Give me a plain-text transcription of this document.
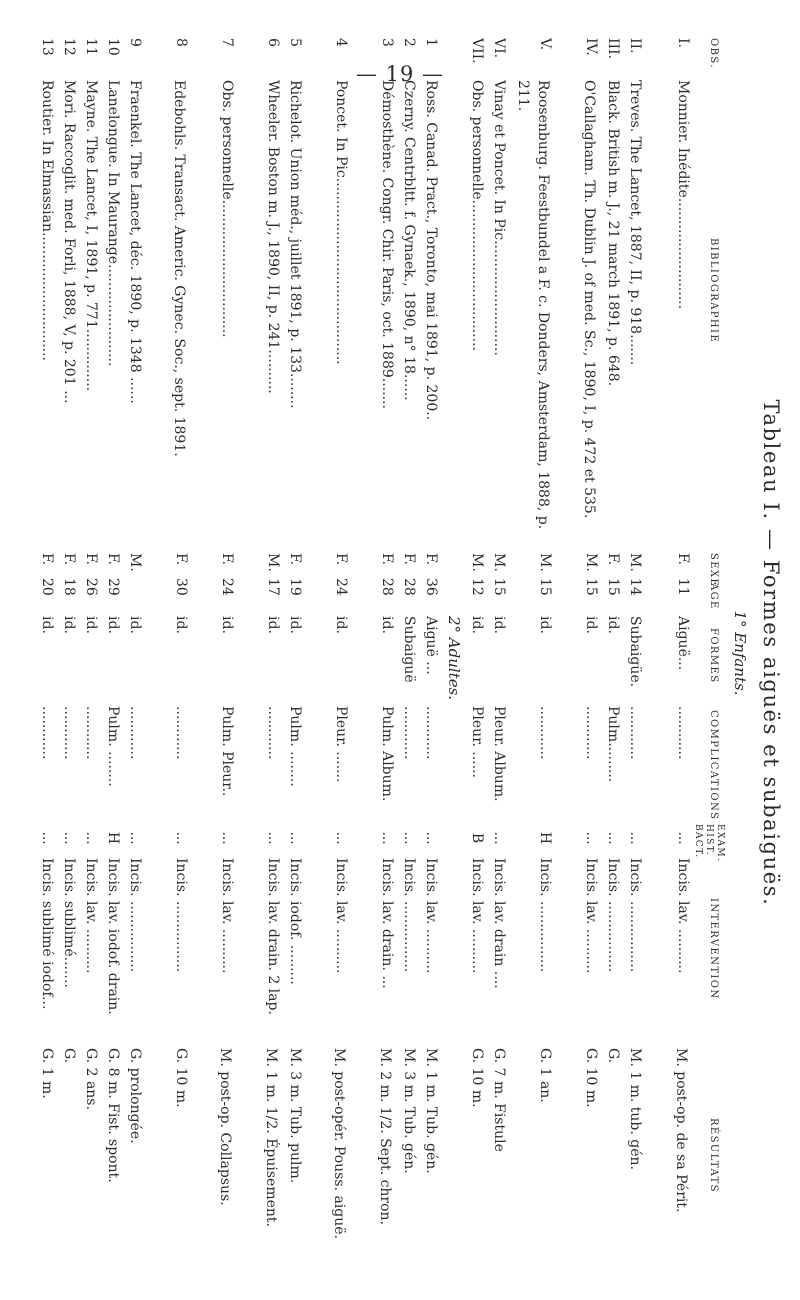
— 19 —
Tableau I. — Formes aiguës et subaiguës.
1° Enfants.
OBS.
BIBLIOGRAPHIE
SEXE
AGE
FORMES
COMPLICATIONS
EXAM.
HIST.
BACT.
INTERVENTION
RÉSULTATS
I.
Monnier. Inédite.........................
F.
11
Aiguë...
............
...
Incis. lav. ..........
M. post-op. de sa Périt.
II.
Treves. The Lancet, 1887, II, p. 918.......
M.
14
Subaigüe.
............
...
Incis. ................
M. 1 m. tub. gén.
III.
Black. British m. J., 21 march 1891, p. 648.
F.
15
id.
Pulm.........
...
Incis. ................
G.
IV.
O'Callagham. Th. Dublin J. of med. Sc., 1890, I, p. 472 et 535.
M.
15
id.
............
...
Incis. lav. ..........
G. 10 m.
V.
Roosenburg. Feestbundel a F. c. Donders, Amsterdam, 1888, p. 211.
M.
15
id.
............
H
Incis. ................
G. 1 an.
VI.
Vinay et Poncet. In Pic..........................
M.
15
id.
Pleur. Album.
...
Incis. lav. drain ....
G. 7 m. Fistule
VII.
Obs. personnelle..................................
M.
12
id.
Pleur. ......
B
Incis. lav. ..........
G. 10 m.
2° Adultes.
1
Ross. Canad. Pract., Toronto, mai 1891, p. 200..
F.
36
Aiguë ...
............
...
Incis. lav. ..........
M. 1 m. Tub. gén.
2
Czerny. Centrbltt. f. Gynaek., 1890, n° 18......
F.
28
Subaiguë
............
...
Incis. ................
M. 3 m. Tub. gén.
3
Démosthène. Congr. Chir. Paris, oct. 1889.......
F.
28
id.
Pulm. Album.
...
Incis. lav. drain. ...
M. 2 m. 1/2. Sept. chron.
4
Poncet. In Pic..........................................
F.
24
id.
Pleur. .......
...
Incis. lav. ..........
M. post-opér. Pouss. aiguë.
5
Richelot. Union méd., juillet 1891, p. 133........
F.
19
id.
Pulm. ........
...
Incis. iodof. .........
M. 3 m. Tub. pulm.
6
Wheeler. Boston m. J., 1890, II, p. 241..........
M.
17
id.
............
...
Incis. lav. drain. 2 lap.
M. 1 m. 1/2. Épuisement.
7
Obs. personnelle...............................
F.
24
id.
Pulm. Pleur..
...
Incis. lav. ..........
M. post-op. Collapsus.
8
Edebohls. Transact. Americ. Gynec. Soc., sept. 1891.
F.
30
id.
............
...
Incis. ................
G. 10 m.
9
Fraenkel. The Lancet, déc. 1890, p. 1348 ......
M.
id.
............
...
Incis. ................
G. prolongée.
10
Lanelongue. In Maurange.......................
F.
29
id.
Pulm. ........
H
Incis. lav. iodof. drain.
G. 8 m. Fist. spont.
11
Mayne. The Lancet, I, 1891, p. 771..............
F.
26
id.
............
...
Incis. lav. ..........
G. 2 ans.
12
Mori. Raccoglit. med. Forli, 1888, V, p. 201 ...
F.
18
id.
............
...
Incis. sublimé.......
G.
13
Routier. In Elmassian.............................
F.
20
id.
............
...
Incis. sublimé iodof...
G. 1 m.
